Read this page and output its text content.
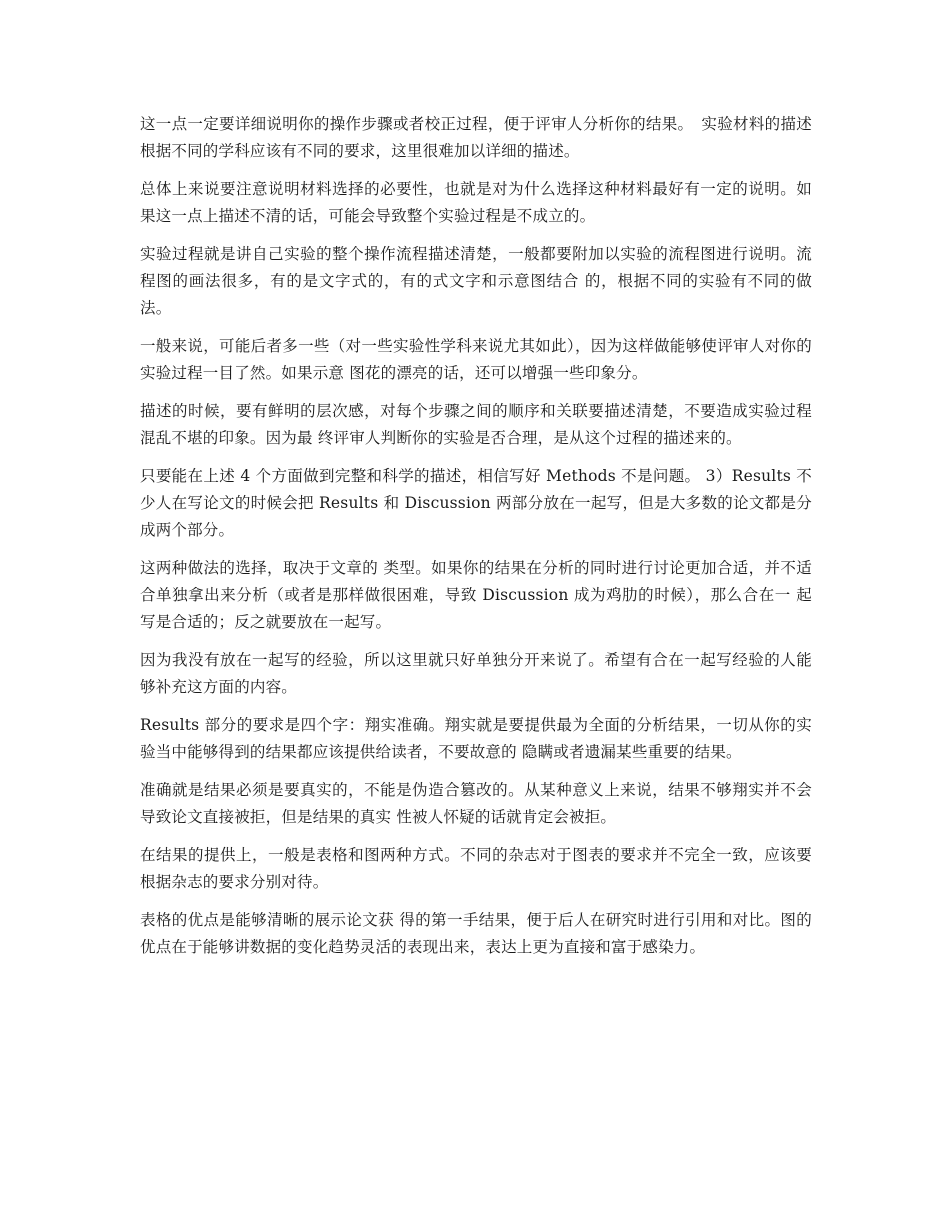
这一点一定要详细说明你的操作步骤或者校正过程，便于评审人分析你的结果。　实验材料的描述根据不同的学科应该有不同的要求，这里很难加以详细的描述。

总体上来说要注意说明材料选择的必要性，也就是对为什么选择这种材料最好有一定的说明。如果这一点上描述不清的话，可能会导致整个实验过程是不成立的。

实验过程就是讲自己实验的整个操作流程描述清楚，一般都要附加以实验的流程图进行说明。流程图的画法很多，有的是文字式的，有的式文字和示意图结合 的，根据不同的实验有不同的做法。

一般来说，可能后者多一些（对一些实验性学科来说尤其如此），因为这样做能够使评审人对你的实验过程一目了然。如果示意 图花的漂亮的话，还可以增强一些印象分。

描述的时候，要有鲜明的层次感，对每个步骤之间的顺序和关联要描述清楚，不要造成实验过程混乱不堪的印象。因为最 终评审人判断你的实验是否合理，是从这个过程的描述来的。

只要能在上述 4 个方面做到完整和科学的描述，相信写好 Methods 不是问题。 3）Results 不少人在写论文的时候会把 Results 和 Discussion 两部分放在一起写，但是大多数的论文都是分成两个部分。

这两种做法的选择，取决于文章的 类型。如果你的结果在分析的同时进行讨论更加合适，并不适合单独拿出来分析（或者是那样做很困难，导致 Discussion 成为鸡肋的时候），那么合在一 起写是合适的；反之就要放在一起写。

因为我没有放在一起写的经验，所以这里就只好单独分开来说了。希望有合在一起写经验的人能够补充这方面的内容。

Results 部分的要求是四个字：翔实准确。翔实就是要提供最为全面的分析结果，一切从你的实验当中能够得到的结果都应该提供给读者，不要故意的 隐瞒或者遗漏某些重要的结果。

准确就是结果必须是要真实的，不能是伪造合篡改的。从某种意义上来说，结果不够翔实并不会导致论文直接被拒，但是结果的真实 性被人怀疑的话就肯定会被拒。

在结果的提供上，一般是表格和图两种方式。不同的杂志对于图表的要求并不完全一致，应该要根据杂志的要求分别对待。

表格的优点是能够清晰的展示论文获 得的第一手结果，便于后人在研究时进行引用和对比。图的优点在于能够讲数据的变化趋势灵活的表现出来，表达上更为直接和富于感染力。
